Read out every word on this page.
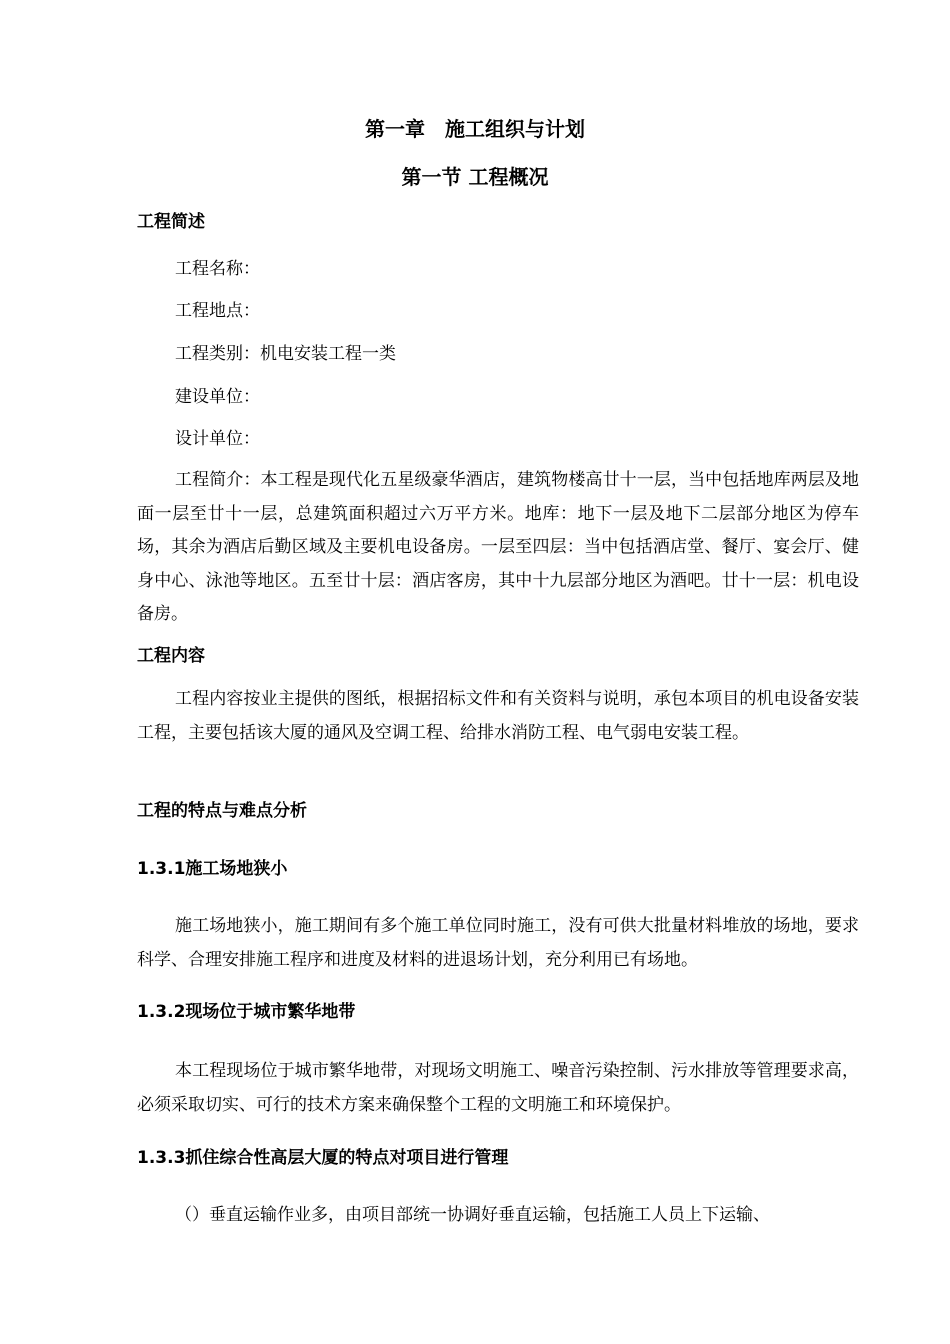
第一章　施工组织与计划
第一节 工程概况
工程简述
工程名称：
工程地点：
工程类别：机电安装工程一类
建设单位：
设计单位：
工程简介：本工程是现代化五星级豪华酒店，建筑物楼高廿十一层，当中包括地库两层及地面一层至廿十一层，总建筑面积超过六万平方米。地库：地下一层及地下二层部分地区为停车场，其余为酒店后勤区域及主要机电设备房。一层至四层：当中包括酒店堂、餐厅、宴会厅、健身中心、泳池等地区。五至廿十层：酒店客房，其中十九层部分地区为酒吧。廿十一层：机电设备房。
工程内容
工程内容按业主提供的图纸，根据招标文件和有关资料与说明，承包本项目的机电设备安装工程，主要包括该大厦的通风及空调工程、给排水消防工程、电气弱电安装工程。
工程的特点与难点分析
1.3.1施工场地狭小
施工场地狭小，施工期间有多个施工单位同时施工，没有可供大批量材料堆放的场地，要求科学、合理安排施工程序和进度及材料的进退场计划，充分利用已有场地。
1.3.2现场位于城市繁华地带
本工程现场位于城市繁华地带，对现场文明施工、噪音污染控制、污水排放等管理要求高，必须采取切实、可行的技术方案来确保整个工程的文明施工和环境保护。
1.3.3抓住综合性高层大厦的特点对项目进行管理
（）垂直运输作业多，由项目部统一协调好垂直运输，包括施工人员上下运输、
